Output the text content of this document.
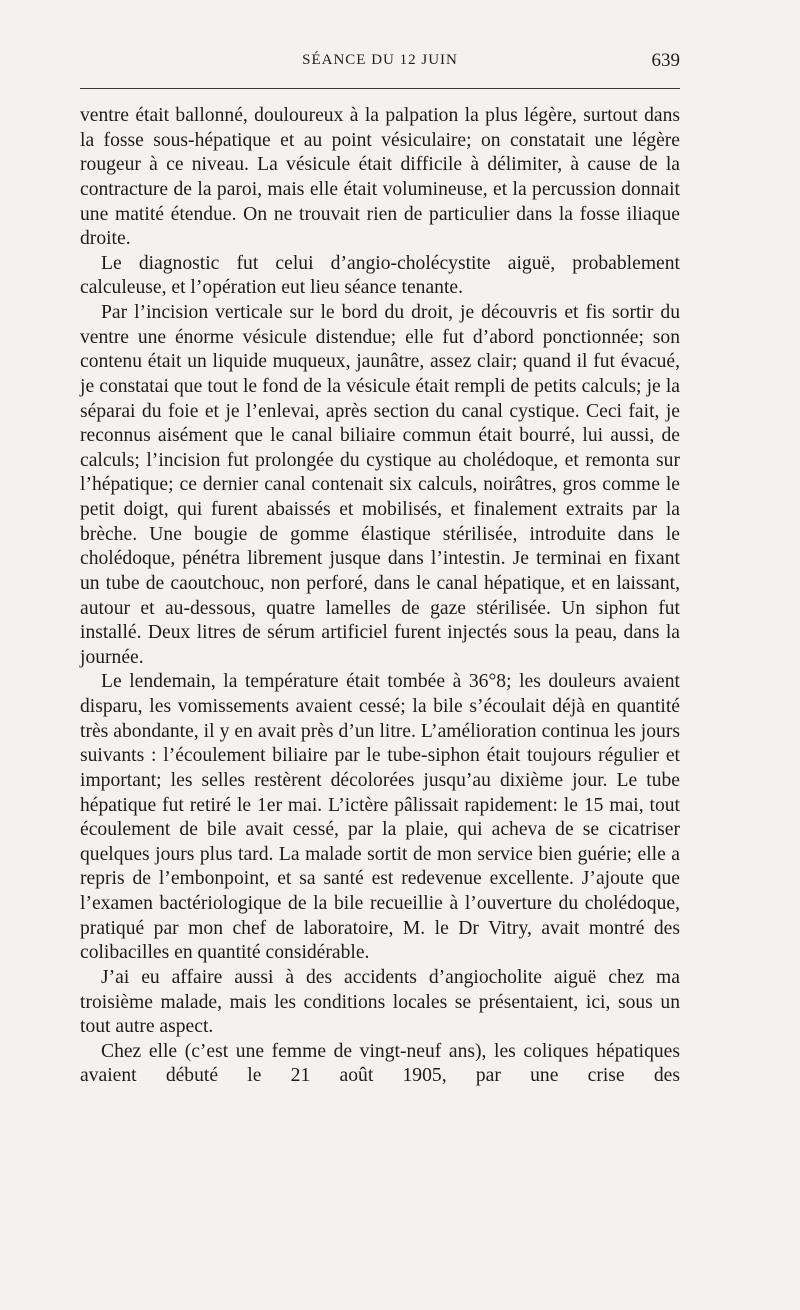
SÉANCE DU 12 JUIN	639

ventre était ballonné, douloureux à la palpation la plus légère, surtout dans la fosse sous-hépatique et au point vésiculaire; on constatait une légère rougeur à ce niveau. La vésicule était difficile à délimiter, à cause de la contracture de la paroi, mais elle était volumineuse, et la percussion donnait une matité étendue. On ne trouvait rien de particulier dans la fosse iliaque droite.

Le diagnostic fut celui d’angio-cholécystite aiguë, probablement calculeuse, et l’opération eut lieu séance tenante.

Par l’incision verticale sur le bord du droit, je découvris et fis sortir du ventre une énorme vésicule distendue; elle fut d’abord ponctionnée; son contenu était un liquide muqueux, jaunâtre, assez clair; quand il fut évacué, je constatai que tout le fond de la vésicule était rempli de petits calculs; je la séparai du foie et je l’enlevai, après section du canal cystique. Ceci fait, je reconnus aisément que le canal biliaire commun était bourré, lui aussi, de calculs; l’incision fut prolongée du cystique au cholédoque, et remonta sur l’hépatique; ce dernier canal contenait six calculs, noirâtres, gros comme le petit doigt, qui furent abaissés et mobilisés, et finalement extraits par la brèche. Une bougie de gomme élastique stérilisée, introduite dans le cholédoque, pénétra librement jusque dans l’intestin. Je terminai en fixant un tube de caoutchouc, non perforé, dans le canal hépatique, et en laissant, autour et au-dessous, quatre lamelles de gaze stérilisée. Un siphon fut installé. Deux litres de sérum artificiel furent injectés sous la peau, dans la journée.

Le lendemain, la température était tombée à 36°8; les douleurs avaient disparu, les vomissements avaient cessé; la bile s’écoulait déjà en quantité très abondante, il y en avait près d’un litre. L’amélioration continua les jours suivants : l’écoulement biliaire par le tube-siphon était toujours régulier et important; les selles restèrent décolorées jusqu’au dixième jour. Le tube hépatique fut retiré le 1er mai. L’ictère pâlissait rapidement: le 15 mai, tout écoulement de bile avait cessé, par la plaie, qui acheva de se cicatriser quelques jours plus tard. La malade sortit de mon service bien guérie; elle a repris de l’embonpoint, et sa santé est redevenue excellente. J’ajoute que l’examen bactériologique de la bile recueillie à l’ouverture du cholédoque, pratiqué par mon chef de laboratoire, M. le Dr Vitry, avait montré des colibacilles en quantité considérable.

J’ai eu affaire aussi à des accidents d’angiocholite aiguë chez ma troisième malade, mais les conditions locales se présentaient, ici, sous un tout autre aspect.

Chez elle (c’est une femme de vingt-neuf ans), les coliques hépatiques avaient débuté le 21 août 1905, par une crise des
